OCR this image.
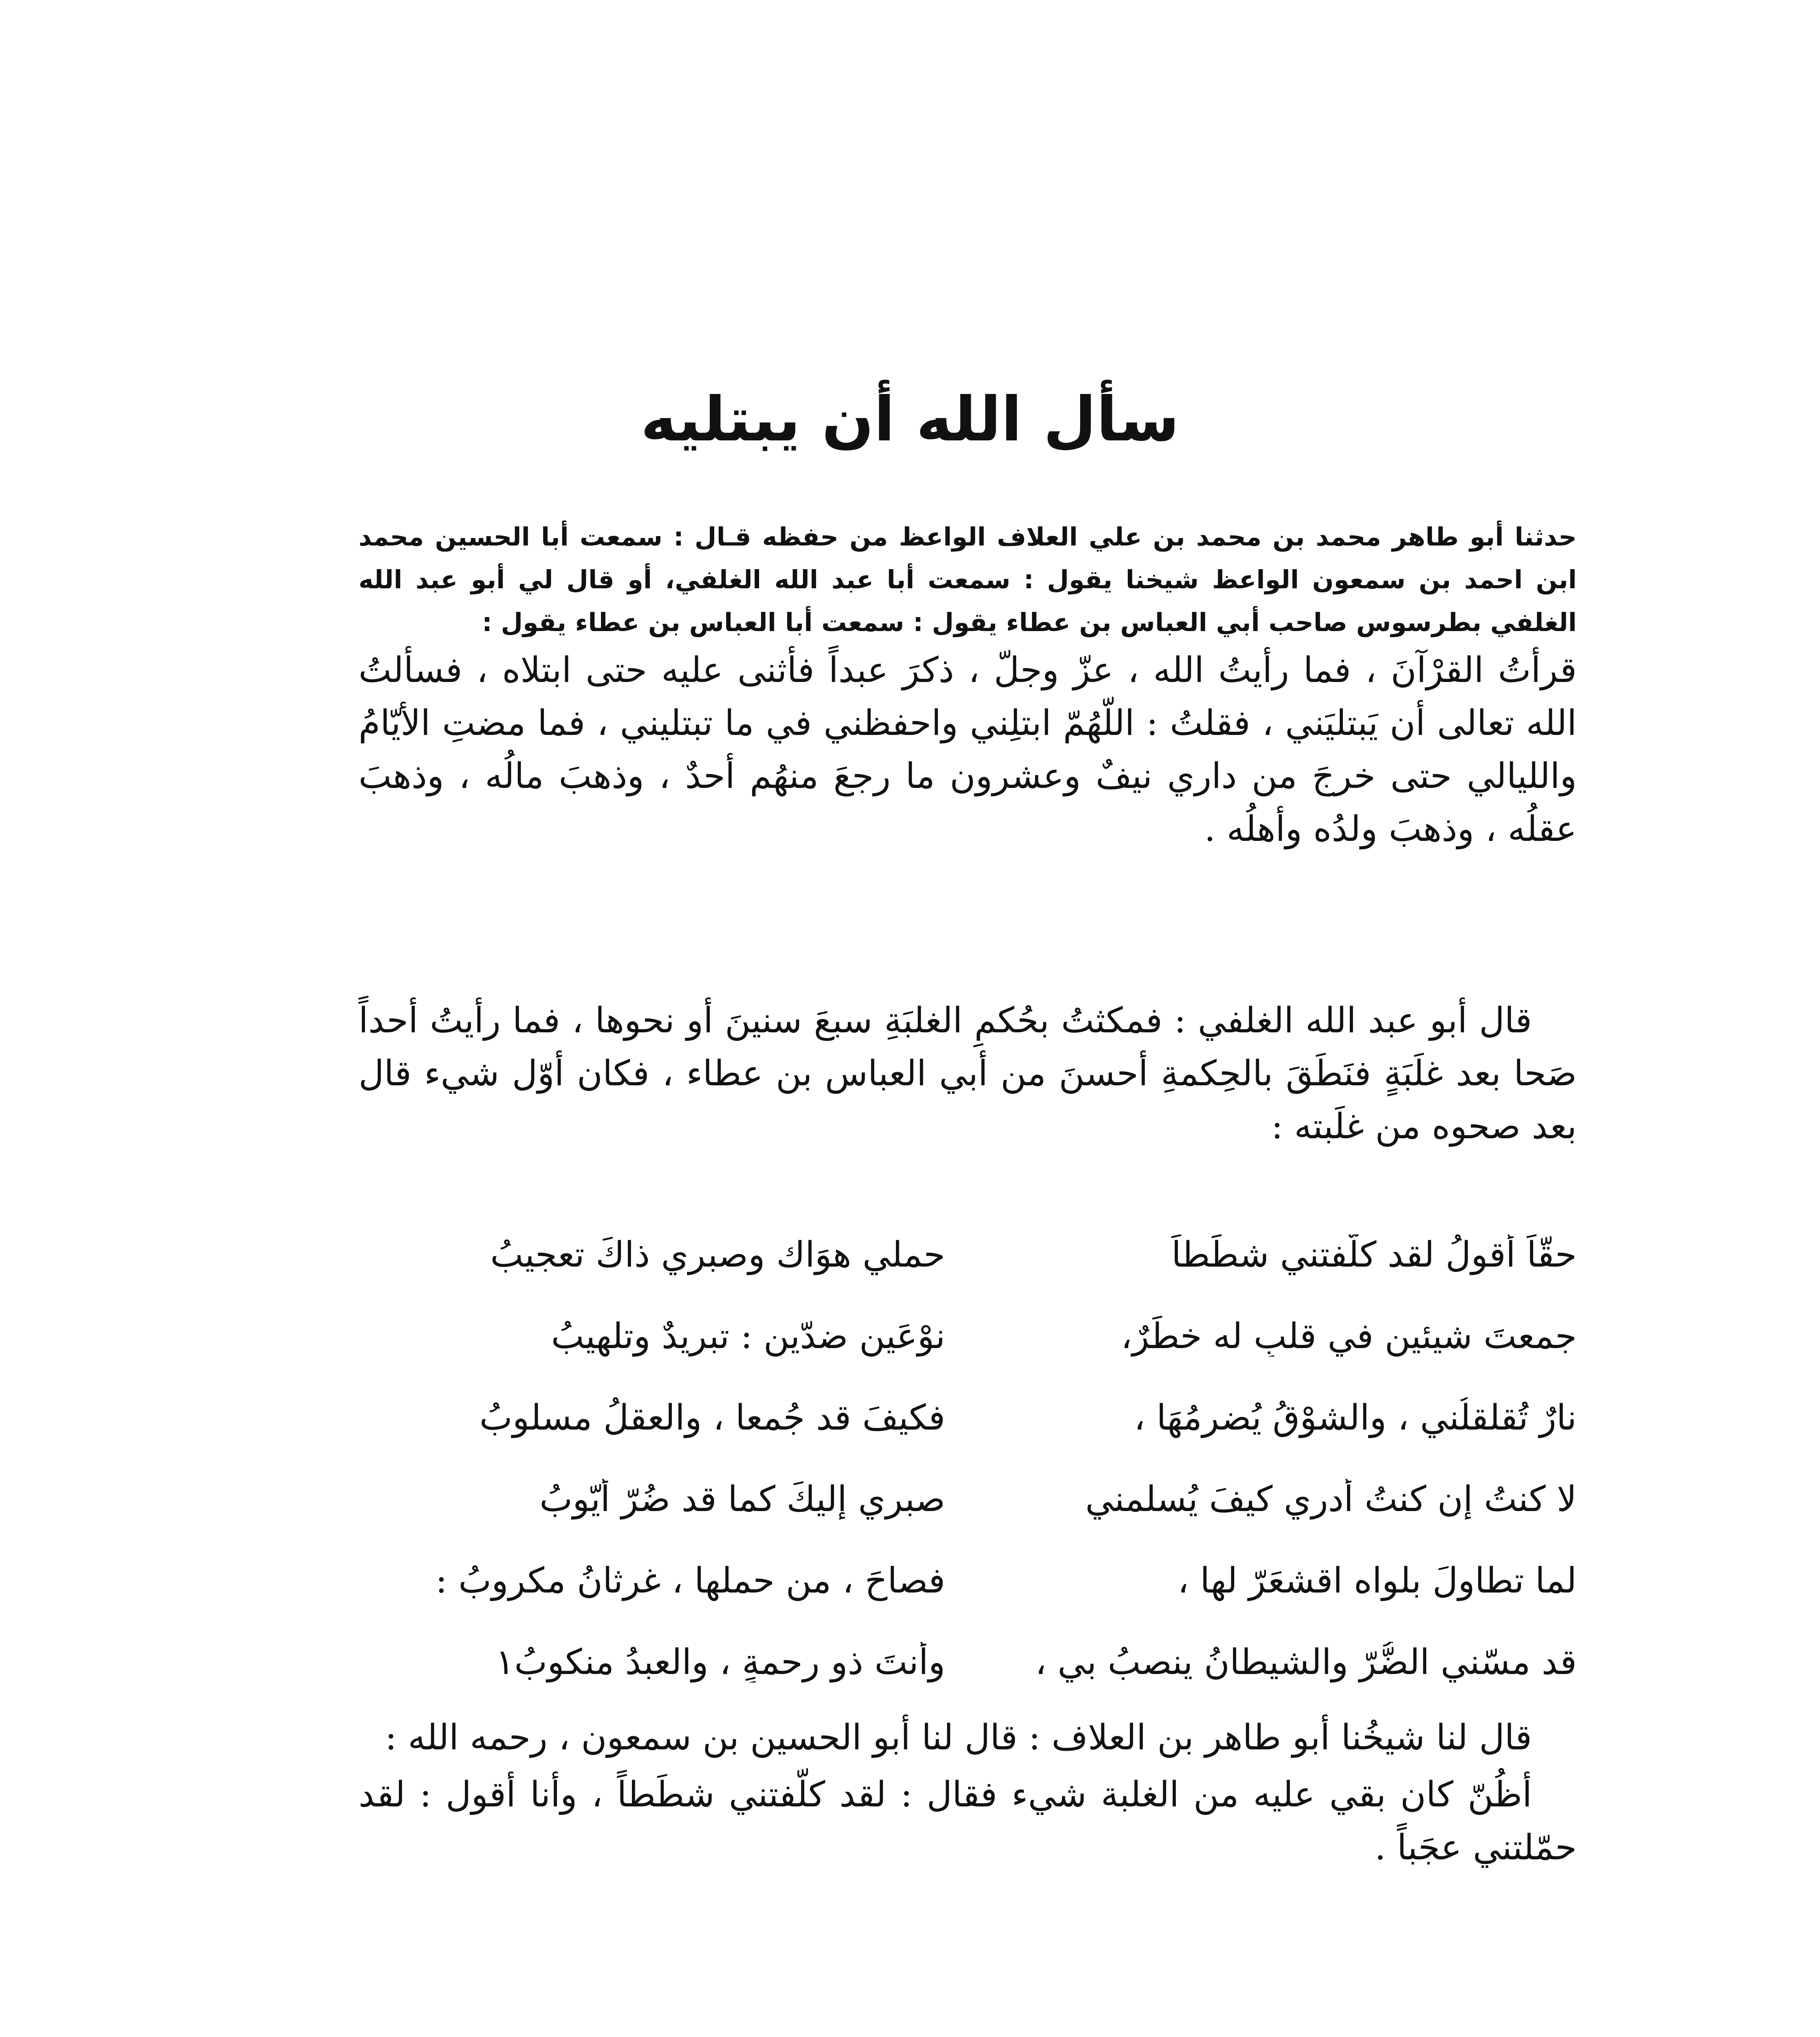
سأل الله أن يبتليه

حدثنا أبو طاهر محمد بن محمد بن علي العلاف الواعظ من حفظه قـال : سمعت أبا الحسين محمد ابن احمد بن سمعون الواعظ شيخنا يقول : سمعت أبا عبد الله الغلفي، أو قال لي أبو عبد الله الغلفي بطرسوس صاحب أبي العباس بن عطاء يقول : سمعت أبا العباس بن عطاء يقول :

قرأتُ القرْآنَ ، فما رأيتُ الله ، عزّ وجلّ ، ذكرَ عبداً فأثنى عليه حتى ابتلاه ، فسألتُ الله تعالى أن يَبتليَني ، فقلتُ : اللّهُمّ ابتلِني واحفظني في ما تبتليني ، فما مضتِ الأيّامُ والليالي حتى خرجَ من داري نيفٌ وعشرون ما رجعَ منهُم أحدٌ ، وذهبَ مالُه ، وذهبَ عقلُه ، وذهبَ ولدُه وأهلُه .

قال أبو عبد الله الغلفي : فمكثتُ بحُكمِ الغلبَةِ سبعَ سنينَ أو نحوها ، فما رأيتُ أحداً صَحا بعد غلَبَةٍ فنَطَقَ بالحِكمةِ أحسنَ من أبي العباس بن عطاء ، فكان أوّل شيء قال بعد صحوه من غلَبته :

حقّاً أقولُ لقد كلّفتني شطَطاً
حملي هوَاك وصبري ذاكَ تعجيبُ
جمعتَ شيئينِ في قلبٍ له خطَرٌ،
نوْعَينِ ضدّينِ : تبريدٌ وتلهيبُ
نارٌ تُقلقلُني ، والشوْقُ يُضرِمُهَا ،
فكيفَ قد جُمعا ، والعقلُ مسلوبُ
لا كنتُ إن كنتُ أدري كيفَ يُسلمني
صبري إليكَ كما قد ضُرّ أيّوبُ
لما تطاولَ بلواه اقشعَرّ لها ،
فصاحَ ، من حملها ، غرثانُ مكروبُ :
قد مسّني الضُّرّ والشيطانُ ينصبُ بي ،
وأنتَ ذو رحمةٍ ، والعبدُ منكوبُ١

قال لنا شيخُنا أبو طاهر بن العلاف : قال لنا أبو الحسين بن سمعون ، رحمه الله :

أظُنّ كان بقي عليه من الغلبة شيء فقال : لقد كلّفتني شطَطاً ، وأنا أقول : لقد حمّلتني عجَباً .
